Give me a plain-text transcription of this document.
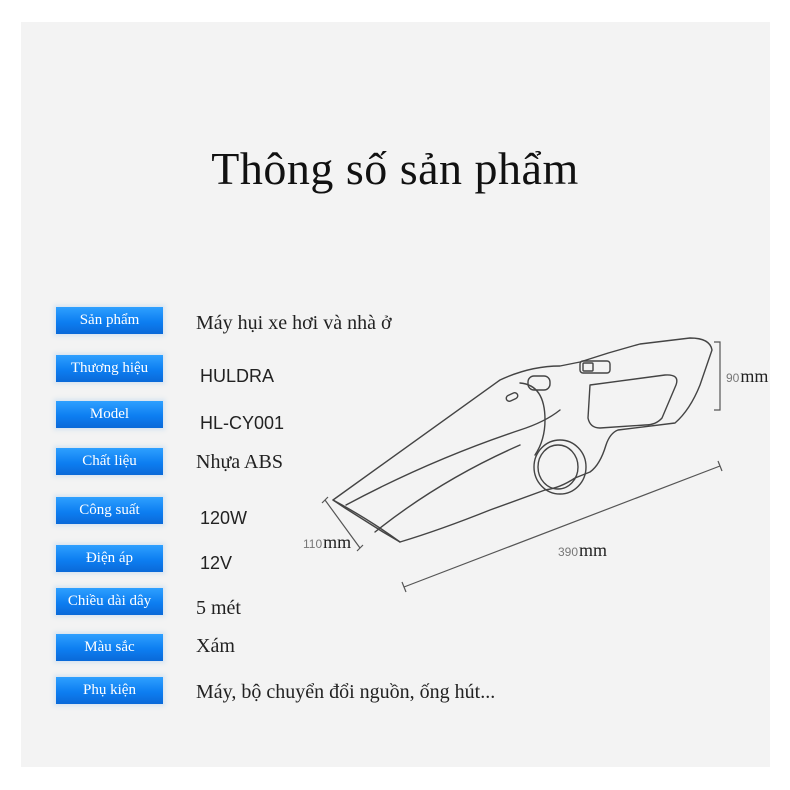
Thông số sản phẩm
Sản phẩm	Máy hụi xe hơi và nhà ở
Thương hiệu	HULDRA
Model	HL-CY001
Chất liệu	Nhựa ABS
Công suất	120W
Điện áp	12V
Chiều dài dây	5 mét
Màu sắc	Xám
Phụ kiện	Máy, bộ chuyển đổi nguồn, ống hút...
90mm
110mm	390mm
